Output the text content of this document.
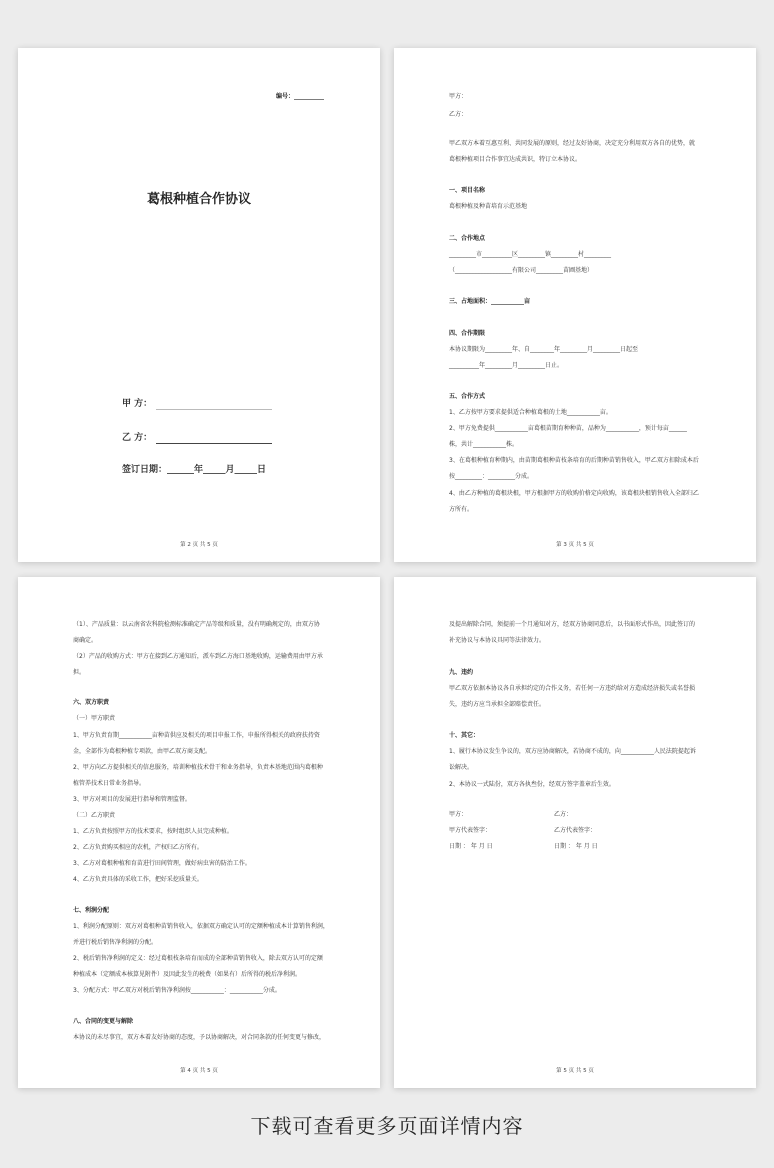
编号：__________
葛根种植合作协议
甲 方：
乙 方：
签订日期：______年_____月_____日
第 2 页 共 5 页
甲方：
乙方：
甲乙双方本着互惠互利、共同发展的原则，经过友好协商，决定充分利用双方各自的优势，就
葛根种植项目合作事宜达成共识，特订立本协议。
一、项目名称
葛根种植及种苗培育示范基地
二、合作地点
_________市__________区_________镇_________村_________
（___________________有限公司_________苗圃基地）
三、占地面积：___________亩
四、合作期限
本协议期限为_________年、自________年_________月_________日起至
__________年_________月_________日止。
五、合作方式
1、乙方按甲方要求提供适合种植葛根的土地___________亩。
2、甲方免费提供___________亩葛根苗期育种种苗，品种为___________，预计每亩______
株，共计___________株。
3、在葛根种植育种期内，由苗期葛根种苗枝条培育的后期种苗销售收入，甲乙双方扣除成本后
按_________：_________分成。
4、由乙方种植的葛根块根，甲方根据甲方的收购价格定向收购，该葛根块根销售收入全部归乙
方所有。
第 3 页 共 5 页
（1）、产品质量：以云南省农科院检测标准确定产品等级和质量，没有明确规定的，由双方协
商确定。
（2）产品的收购方式：甲方在接到乙方通知后，派车到乙方海口基地收购，运输费用由甲方承
担。
六、双方职责
（一）甲方职责
1、甲方负责育期___________亩种苗供应及相关的项目申报工作，申报所得相关的政府扶持资
金，全部作为葛根种植专项款，由甲乙双方商支配。
2、甲方向乙方提供相关的信息服务，培训种植技术骨干和业务指导，负责本基地范围内葛根种
植管养技术日常业务指导。
3、甲方对项目的发展进行指导和管理监督。
（二）乙方职责
1、乙方负责按照甲方的技术要求，按时组织人员完成种植。
2、乙方负责购买相应的农机，产权归乙方所有。
3、乙方对葛根种植和育苗进行田间管理，做好病虫害的防治工作。
4、乙方负责具体的采收工作，把好采挖质量关。
七、利润分配
1、利润分配原则：双方对葛根种苗销售收入，依据双方确定认可的定额种植成本计算销售利润，
并进行税后销售净利润的分配。
2、税后销售净利润的定义：经过葛根枝条培育而成的全部种苗销售收入，除去双方认可的定额
种植成本（定额成本核算见附件）及因此发生的税费（如果有）后所得的税后净利润。
3、分配方式：甲乙双方对税后销售净利润按___________：___________分成。
八、合同的变更与解除
本协议的未尽事宜，双方本着友好协商的态度，予以协商解决，对合同条款的任何变更与修改，
第 4 页 共 5 页
及提出解除合同，须提前一个月通知对方，经双方协商同意后，以书面形式作出，因此签订的
补充协议与本协议具同等法律效力。
九、违约
甲乙双方依据本协议各自承担约定的合作义务，若任何一方违约给对方造成经济损失或名誉损
失，违约方应当承担全部赔偿责任。
十、其它：
1、履行本协议发生争议的，双方应协商解决，若协商不成的，向___________人民法院提起诉
讼解决。
2、本协议一式陆份，双方各执叁份，经双方签字盖章后生效。
甲方：	乙方：
甲方代表签字：	乙方代表签字：
日期 ： 年 月 日	日期 ： 年 月 日
第 5 页 共 5 页
下载可查看更多页面详情内容
